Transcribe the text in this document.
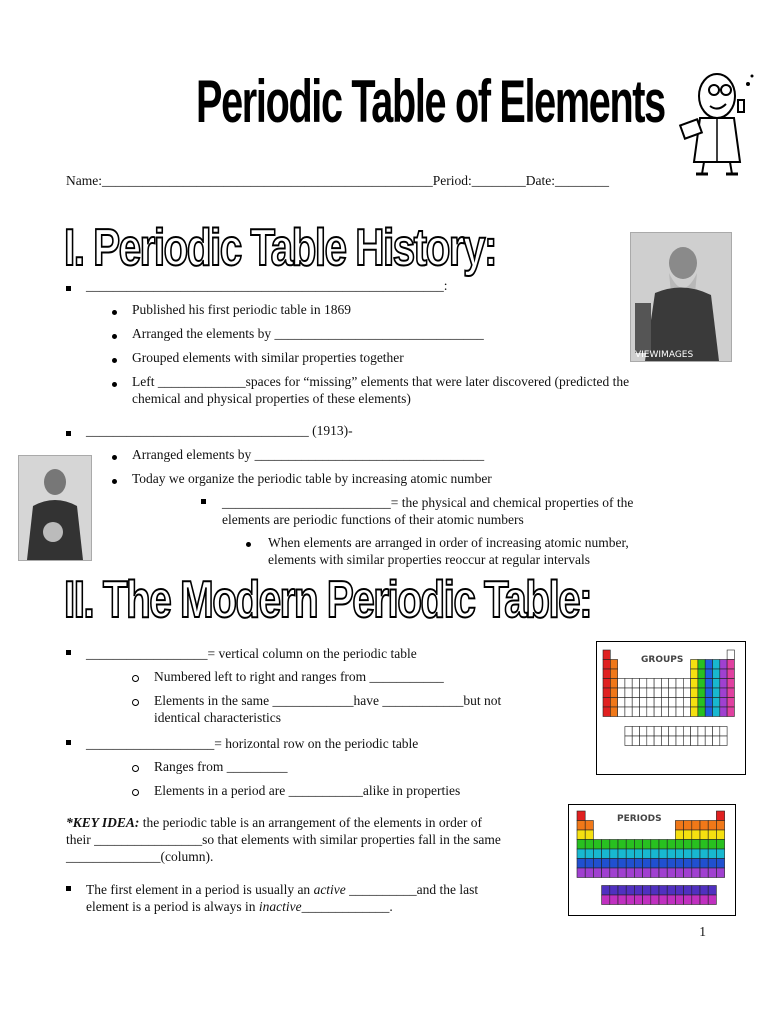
Periodic Table of Elements
Name:_________________________________________________Period:________Date:________
I. Periodic Table History:
VIEWIMAGES
_____________________________________________________:
Published his first periodic table in 1869
Arranged the elements by _______________________________
Grouped elements with similar properties together
Left _____________spaces for “missing” elements that were later discovered (predicted the
chemical and physical properties of these elements)
_________________________________ (1913)-
Arranged elements by __________________________________
Today we organize the periodic table by increasing atomic number
_________________________= the physical and chemical properties of the
elements are periodic functions of their atomic numbers
When elements are arranged in order of increasing atomic number,
elements with similar properties reoccur at regular intervals
II. The Modern Periodic Table:
__________________= vertical column on the periodic table
Numbered left to right and ranges from ___________
Elements in the same ____________have ____________but not
identical characteristics
___________________= horizontal row on the periodic table
Ranges from _________
Elements in a period are ___________alike in properties
*KEY IDEA: the periodic table is an arrangement of the elements in order of
their ________________so that elements with similar properties fall in the same
______________(column).
The first element in a period is usually an active __________and the last
element is a period is always in inactive_____________.
GROUPS
PERIODS
1
